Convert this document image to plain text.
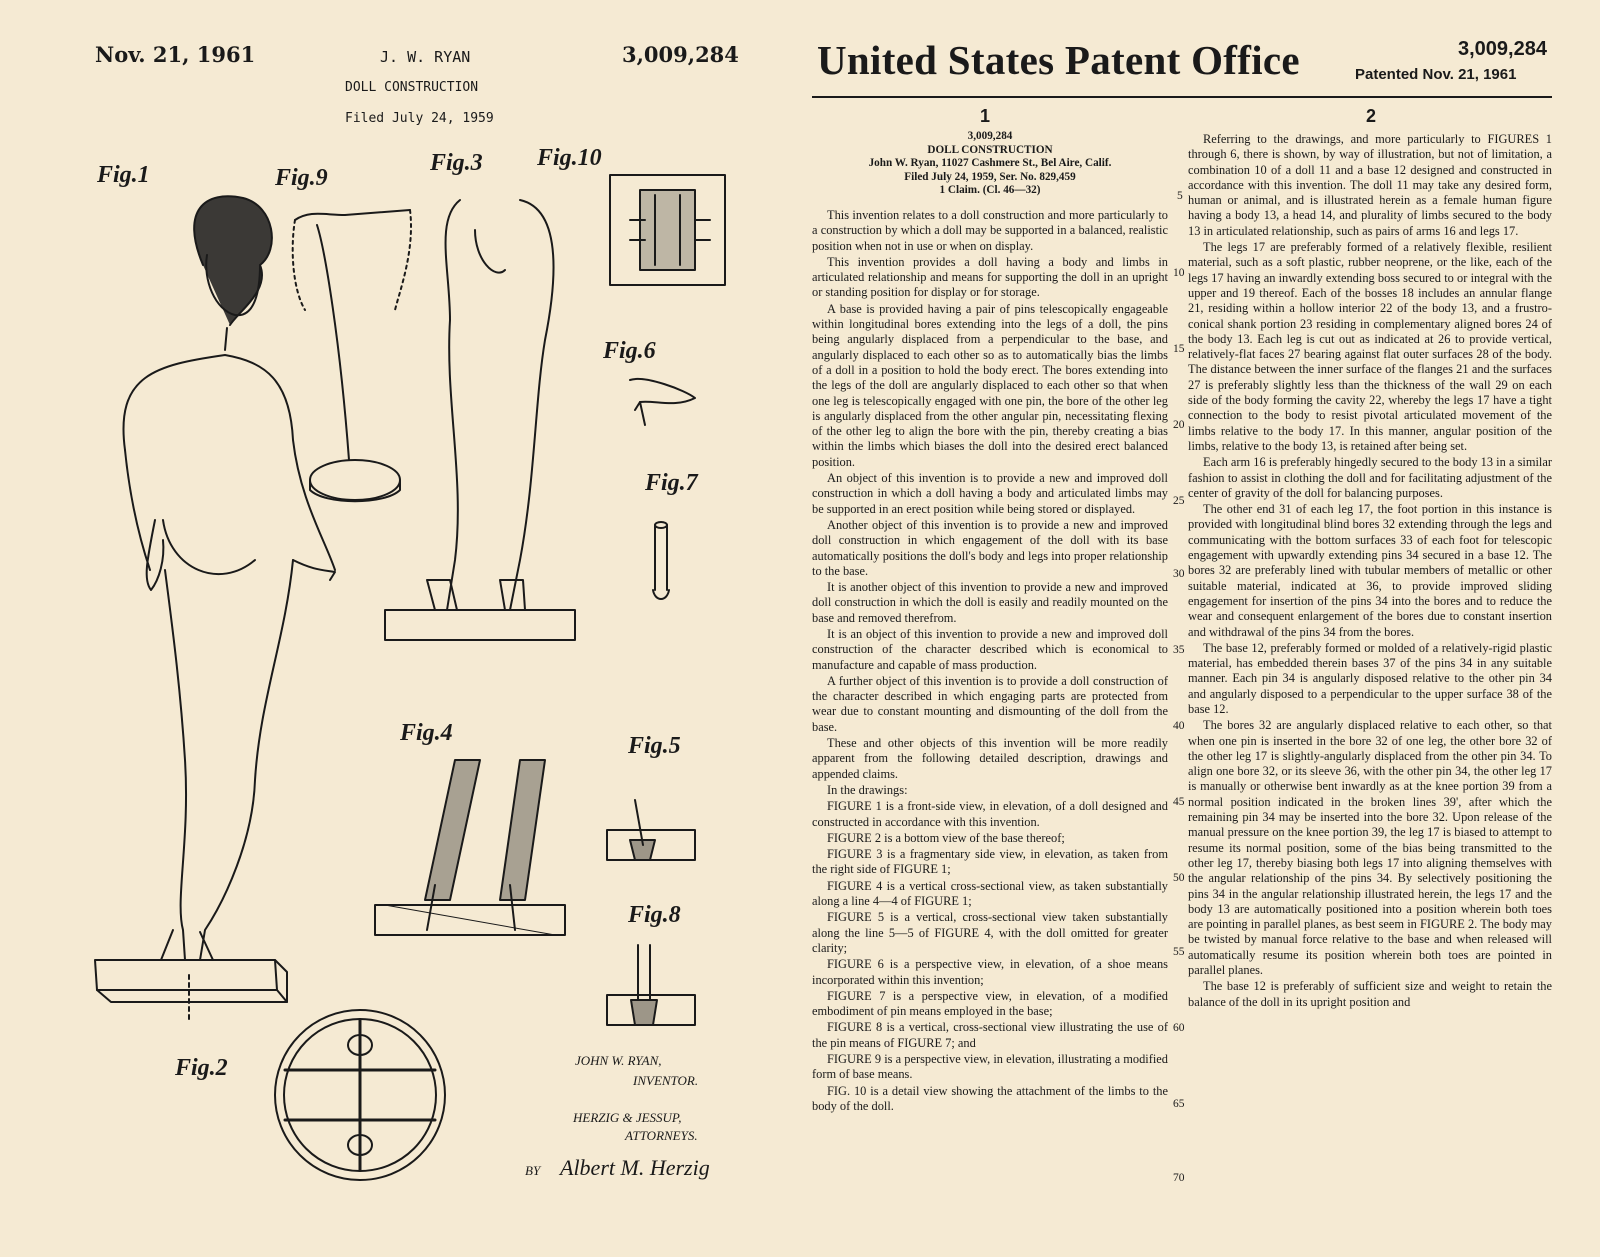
Nov. 21, 1961	J. W. RYAN
DOLL CONSTRUCTION
Filed July 24, 1959
3,009,284
Fig.1	Fig.9
Fig.3 Fig.10
Fig.6
Fig.7
Fig.4	Fig.5
Fig.8
Fig.2	JOHN W. RYAN,
INVENTOR.
HERZIG & JESSUP,
ATTORNEYS.
BY Albert M. Herzig
United States Patent Office	3,009,284
Patented Nov. 21, 1961
1	2
3,009,284
DOLL CONSTRUCTION
John W. Ryan, 11027 Cashmere St., Bel Aire, Calif.
Filed July 24, 1959, Ser. No. 829,459
1 Claim. (Cl. 46—32)

This invention relates to a doll construction and more particularly to a construction by which a doll may be supported in a balanced, realistic position when not in use or when on display.

This invention provides a doll having a body and limbs in articulated relationship and means for supporting the doll in an upright or standing position for display or for storage.

A base is provided having a pair of pins telescopically engageable within longitudinal bores extending into the legs of a doll, the pins being angularly displaced from a perpendicular to the base, and angularly displaced to each other so as to automatically bias the limbs of a doll in a position to hold the body erect. The bores extending into the legs of the doll are angularly displaced to each other so that when one leg is telescopically engaged with one pin, the bore of the other leg is angularly displaced from the other angular pin, necessitating flexing of the other leg to align the bore with the pin, thereby creating a bias within the limbs which biases the doll into the desired erect balanced position.

An object of this invention is to provide a new and improved doll construction in which a doll having a body and articulated limbs may be supported in an erect position while being stored or displayed.

Another object of this invention is to provide a new and improved doll construction in which engagement of the doll with its base automatically positions the doll's body and legs into proper relationship to the base.

It is another object of this invention to provide a new and improved doll construction in which the doll is easily and readily mounted on the base and removed therefrom.

It is an object of this invention to provide a new and improved doll construction of the character described which is economical to manufacture and capable of mass production.

A further object of this invention is to provide a doll construction of the character described in which engaging parts are protected from wear due to constant mounting and dismounting of the doll from the base.

These and other objects of this invention will be more readily apparent from the following detailed description, drawings and appended claims.

In the drawings:

FIGURE 1 is a front-side view, in elevation, of a doll designed and constructed in accordance with this invention.

FIGURE 2 is a bottom view of the base thereof;

FIGURE 3 is a fragmentary side view, in elevation, as taken from the right side of FIGURE 1;

FIGURE 4 is a vertical cross-sectional view, as taken substantially along a line 4—4 of FIGURE 1;

FIGURE 5 is a vertical, cross-sectional view taken substantially along the line 5—5 of FIGURE 4, with the doll omitted for greater clarity;

FIGURE 6 is a perspective view, in elevation, of a shoe means incorporated within this invention;

FIGURE 7 is a perspective view, in elevation, of a modified embodiment of pin means employed in the base;

FIGURE 8 is a vertical, cross-sectional view illustrating the use of the pin means of FIGURE 7; and

FIGURE 9 is a perspective view, in elevation, illustrating a modified form of base means.

FIG. 10 is a detail view showing the attachment of the limbs to the body of the doll.

5
10
15
20
25
30
35
40
45
50
55
60
65
70

Referring to the drawings, and more particularly to FIGURES 1 through 6, there is shown, by way of illustration, but not of limitation, a combination 10 of a doll 11 and a base 12 designed and constructed in accordance with this invention. The doll 11 may take any desired form, human or animal, and is illustrated herein as a female human figure having a body 13, a head 14, and plurality of limbs secured to the body 13 in articulated relationship, such as pairs of arms 16 and legs 17.

The legs 17 are preferably formed of a relatively flexible, resilient material, such as a soft plastic, rubber neoprene, or the like, each of the legs 17 having an inwardly extending boss secured to or integral with the upper and 19 thereof. Each of the bosses 18 includes an annular flange 21, residing within a hollow interior 22 of the body 13, and a frustro-conical shank portion 23 residing in complementary aligned bores 24 of the body 13. Each leg is cut out as indicated at 26 to provide vertical, relatively-flat faces 27 bearing against flat outer surfaces 28 of the body. The distance between the inner surface of the flanges 21 and the surfaces 27 is preferably slightly less than the thickness of the wall 29 on each side of the body forming the cavity 22, whereby the legs 17 have a tight connection to the body to resist pivotal articulated movement of the limbs relative to the body 17. In this manner, angular position of the limbs, relative to the body 13, is retained after being set.

Each arm 16 is preferably hingedly secured to the body 13 in a similar fashion to assist in clothing the doll and for facilitating adjustment of the center of gravity of the doll for balancing purposes.

The other end 31 of each leg 17, the foot portion in this instance is provided with longitudinal blind bores 32 extending through the legs and communicating with the bottom surfaces 33 of each foot for telescopic engagement with upwardly extending pins 34 secured in a base 12. The bores 32 are preferably lined with tubular members of metallic or other suitable material, indicated at 36, to provide improved sliding engagement for insertion of the pins 34 into the bores and to reduce the wear and consequent enlargement of the bores due to constant insertion and withdrawal of the pins 34 from the bores.

The base 12, preferably formed or molded of a relatively-rigid plastic material, has embedded therein bases 37 of the pins 34 in any suitable manner. Each pin 34 is angularly disposed relative to the other pin 34 and angularly disposed to a perpendicular to the upper surface 38 of the base 12.

The bores 32 are angularly displaced relative to each other, so that when one pin is inserted in the bore 32 of one leg, the other bore 32 of the other leg 17 is slightly-angularly displaced from the other pin 34. To align one bore 32, or its sleeve 36, with the other pin 34, the other leg 17 is manually or otherwise bent inwardly as at the knee portion 39 from a normal position indicated in the broken lines 39', after which the remaining pin 34 may be inserted into the bore 32. Upon release of the manual pressure on the knee portion 39, the leg 17 is biased to attempt to resume its normal position, some of the bias being transmitted to the other leg 17, thereby biasing both legs 17 into aligning themselves with the angular relationship of the pins 34. By selectively positioning the pins 34 in the angular relationship illustrated herein, the legs 17 and the body 13 are automatically positioned into a position wherein both toes are pointing in parallel planes, as best seem in FIGURE 2. The body may be twisted by manual force relative to the base and when released will automatically resume its position wherein both toes are pointed in parallel planes.

The base 12 is preferably of sufficient size and weight to retain the balance of the doll in its upright position and
